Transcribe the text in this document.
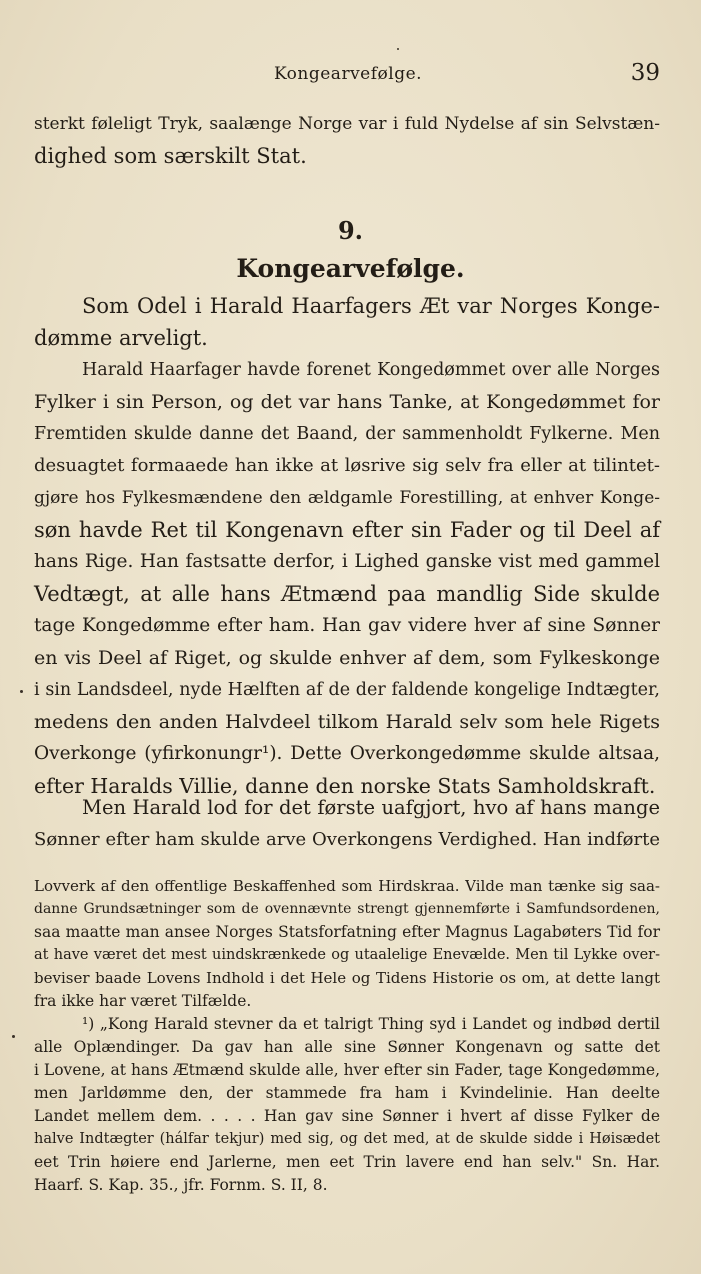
Kongearvefølge.	39
sterkt føleligt Tryk, saalænge Norge var i fuld Nydelse af sin Selvstæn-
dighed som særskilt Stat.
9.
Kongearvefølge.
Som Odel i Harald Haarfagers Æt var Norges Konge-
dømme arveligt.
Harald Haarfager havde forenet Kongedømmet over alle Norges
Fylker i sin Person, og det var hans Tanke, at Kongedømmet for
Fremtiden skulde danne det Baand, der sammenholdt Fylkerne. Men
desuagtet formaaede han ikke at løsrive sig selv fra eller at tilintet-
gjøre hos Fylkesmændene den ældgamle Forestilling, at enhver Konge-
søn havde Ret til Kongenavn efter sin Fader og til Deel af
hans Rige. Han fastsatte derfor, i Lighed ganske vist med gammel
Vedtægt, at alle hans Ætmænd paa mandlig Side skulde
tage Kongedømme efter ham. Han gav videre hver af sine Sønner
en vis Deel af Riget, og skulde enhver af dem, som Fylkeskonge
i sin Landsdeel, nyde Hælften af de der faldende kongelige Indtægter,
medens den anden Halvdeel tilkom Harald selv som hele Rigets
Overkonge (yfirkonungr¹). Dette Overkongedømme skulde altsaa,
efter Haralds Villie, danne den norske Stats Samholdskraft.
Men Harald lod for det første uafgjort, hvo af hans mange
Sønner efter ham skulde arve Overkongens Verdighed. Han indførte
Lovverk af den offentlige Beskaffenhed som Hirdskraa. Vilde man tænke sig saa-
danne Grundsætninger som de ovennævnte strengt gjennemførte i Samfundsordenen,
saa maatte man ansee Norges Statsforfatning efter Magnus Lagabøters Tid for
at have været det mest uindskrænkede og utaalelige Enevælde. Men til Lykke over-
beviser baade Lovens Indhold i det Hele og Tidens Historie os om, at dette langt
fra ikke har været Tilfælde.
¹) „Kong Harald stevner da et talrigt Thing syd i Landet og indbød dertil
alle Oplændinger. Da gav han alle sine Sønner Kongenavn og satte det
i Lovene, at hans Ætmænd skulde alle, hver efter sin Fader, tage Kongedømme,
men Jarldømme den, der stammede fra ham i Kvindelinie. Han deelte
Landet mellem dem. . . . . Han gav sine Sønner i hvert af disse Fylker de
halve Indtægter (hálfar tekjur) med sig, og det med, at de skulde sidde i Høisædet
eet Trin høiere end Jarlerne, men eet Trin lavere end han selv." Sn. Har.
Haarf. S. Kap. 35., jfr. Fornm. S. II, 8.
